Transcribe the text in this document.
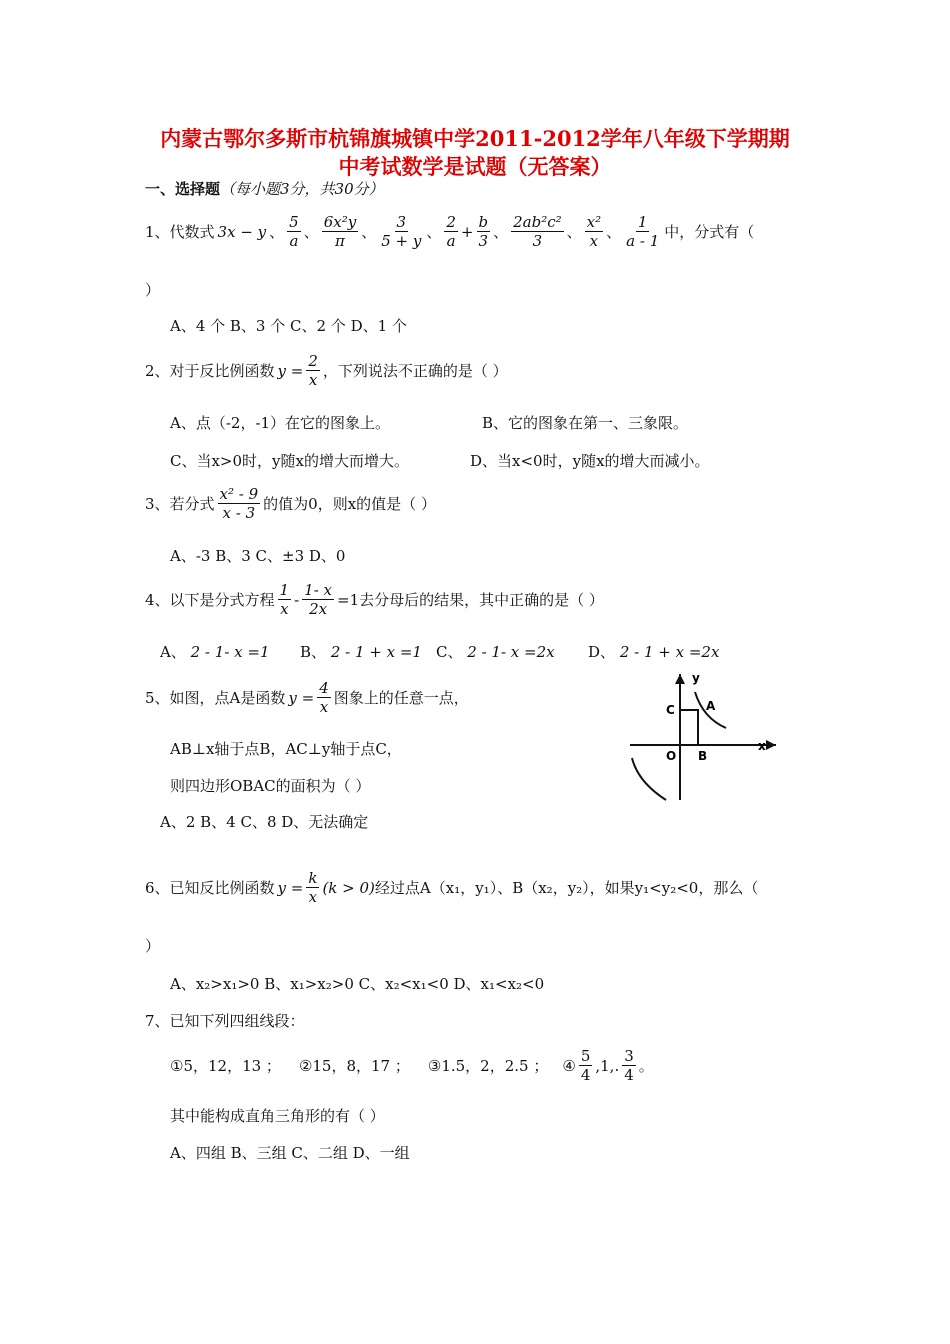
内蒙古鄂尔多斯市杭锦旗城镇中学2011-2012学年八年级下学期期
中考试数学是试题（无答案）
一、选择题（每小题3分，共30分）
1、代数式 3x − y 、 $\frac{5}{a}$ 、 $\frac{\text{6x²y}}{\pi}$ 、 $\frac{3}{5 + y}$ 、 $\frac{2}{a} + \frac{b}{3}$ 、 $\frac{\text{2ab²c²}}{3}$ 、 $\frac{\text{x²}}{x}$ 、 $\frac{1}{a - 1}$ 中，分式有（
）
A、4 个 B、3 个 C、2 个 D、1 个
2、对于反比例函数 $y = \frac{2}{x}$ ，下列说法不正确的是（ ）
A、点（-2，-1）在它的图象上。	B、它的图象在第一、三象限。
C、当x>0时，y随x的增大而增大。	D、当x<0时，y随x的增大而减小。
3、若分式 $\frac{\text{x² - 9}}{x - 3}$ 的值为0，则x的值是（ ）
A、-3 B、3 C、±3 D、0
4、以下是分式方程 $\frac{1}{x} - \frac{1- x}{2x} =1$ 去分母后的结果，其中正确的是（ ）
A、 2 - 1- x =1 B、 2 - 1 + x =1 C、 2 - 1- x =2x D、 2 - 1 + x =2x
5、如图，点A是函数 $y = \frac{4}{x}$ 图象上的任意一点，
AB⊥x轴于点B，AC⊥y轴于点C，
则四边形OBAC的面积为（ ）
A、2 B、4 C、8 D、无法确定
y
x
C	A
O B
6、已知反比例函数 $y = \frac{k}{x} (k > 0)$ 经过点A（x₁，y₁）、B（x₂，y₂），如果y₁<y₂<0，那么（
）
A、x₂>x₁>0 B、x₁>x₂>0 C、x₂<x₁<0 D、x₁<x₂<0
7、已知下列四组线段：
①5，12，13 ； ②15，8，17 ； ③1.5，2，2.5 ； ④ $\frac{5}{4} ,1$,. $\frac{3}{4}$ 。
其中能构成直角三角形的有（ ）
A、四组 B、三组 C、二组 D、一组
